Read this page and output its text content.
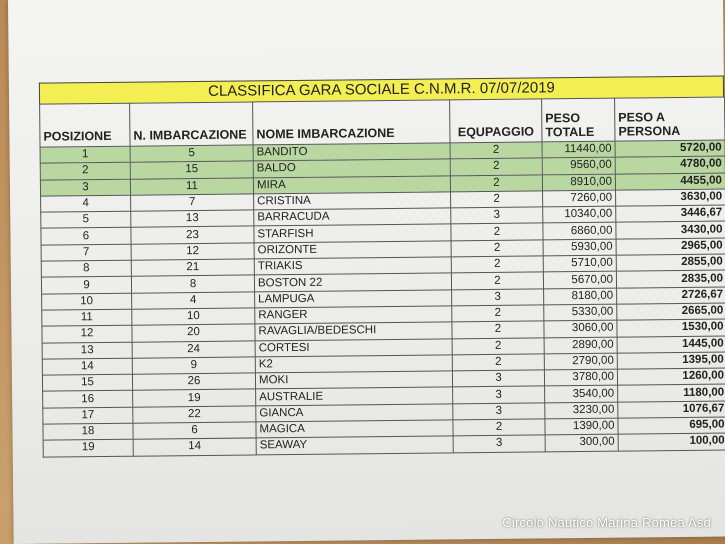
CLASSIFICA GARA SOCIALE C.N.M.R. 07/07/2019
POSIZIONE	N. IMBARCAZIONE	NOME IMBARCAZIONE	EQUPAGGIO	PESO TOTALE	PESO A PERSONA
1	5	BANDITO	2	11440,00	5720,00
2	15	BALDO	2	9560,00	4780,00
3	11	MIRA	2	8910,00	4455,00
4	7	CRISTINA	2	7260,00	3630,00
5	13	BARRACUDA	3	10340,00	3446,67
6	23	STARFISH	2	6860,00	3430,00
7	12	ORIZONTE	2	5930,00	2965,00
8	21	TRIAKIS	2	5710,00	2855,00
9	8	BOSTON 22	2	5670,00	2835,00
10	4	LAMPUGA	3	8180,00	2726,67
11	10	RANGER	2	5330,00	2665,00
12	20	RAVAGLIA/BEDESCHI	2	3060,00	1530,00
13	24	CORTESI	2	2890,00	1445,00
14	9	K2	2	2790,00	1395,00
15	26	MOKI	3	3780,00	1260,00
16	19	AUSTRALIE	3	3540,00	1180,00
17	22	GIANCA	3	3230,00	1076,67
18	6	MAGICA	2	1390,00	695,00
19	14	SEAWAY	3	300,00	100,00
Circolo Nautico Marina Romea Asd
